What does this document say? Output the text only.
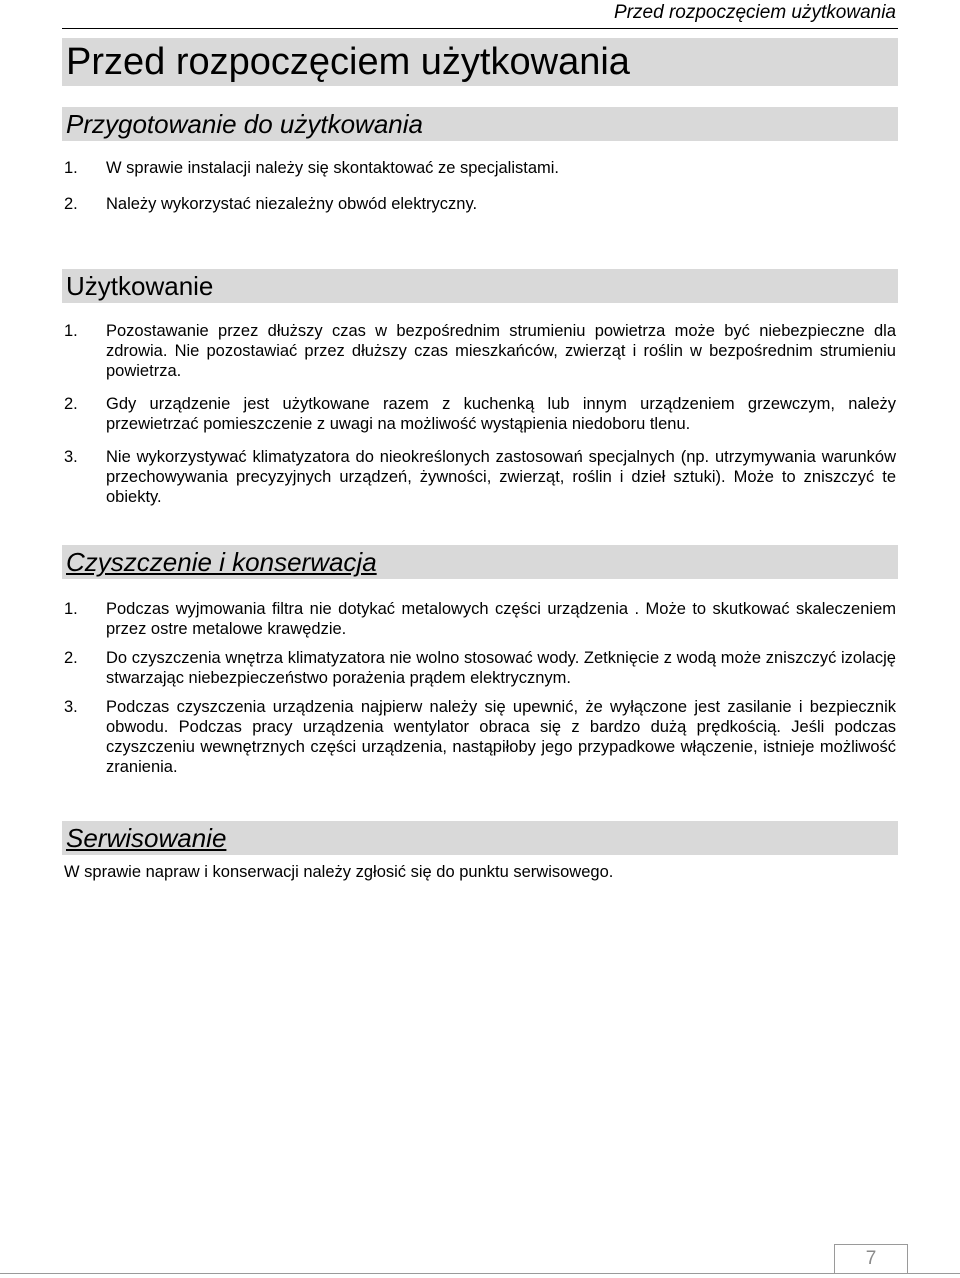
Przed rozpoczęciem użytkowania
Przed rozpoczęciem użytkowania
Przygotowanie do użytkowania
1. W sprawie instalacji należy się skontaktować ze specjalistami.
2. Należy wykorzystać niezależny obwód elektryczny.
Użytkowanie
1. Pozostawanie przez dłuższy czas w bezpośrednim strumieniu powietrza może być niebezpieczne dla zdrowia. Nie pozostawiać przez dłuższy czas mieszkańców, zwierząt i roślin w bezpośrednim strumieniu powietrza.
2. Gdy urządzenie jest użytkowane razem z kuchenką lub innym urządzeniem grzewczym, należy przewietrzać pomieszczenie z uwagi na możliwość wystąpienia niedoboru tlenu.
3. Nie wykorzystywać klimatyzatora do nieokreślonych zastosowań specjalnych (np. utrzymywania warunków przechowywania precyzyjnych urządzeń, żywności, zwierząt, roślin i dzieł sztuki). Może to zniszczyć te obiekty.
Czyszczenie i konserwacja
1. Podczas wyjmowania filtra nie dotykać metalowych części urządzenia . Może to skutkować skaleczeniem przez ostre metalowe krawędzie.
2. Do czyszczenia wnętrza klimatyzatora nie wolno stosować wody. Zetknięcie z wodą może zniszczyć izolację stwarzając niebezpieczeństwo porażenia prądem elektrycznym.
3. Podczas czyszczenia urządzenia najpierw należy się upewnić, że wyłączone jest zasilanie i bezpiecznik obwodu. Podczas pracy urządzenia wentylator obraca się z bardzo dużą prędkością. Jeśli podczas czyszczeniu wewnętrznych części urządzenia, nastąpiłoby jego przypadkowe włączenie, istnieje możliwość zranienia.
Serwisowanie
W sprawie napraw i konserwacji należy zgłosić się do punktu serwisowego.
7
